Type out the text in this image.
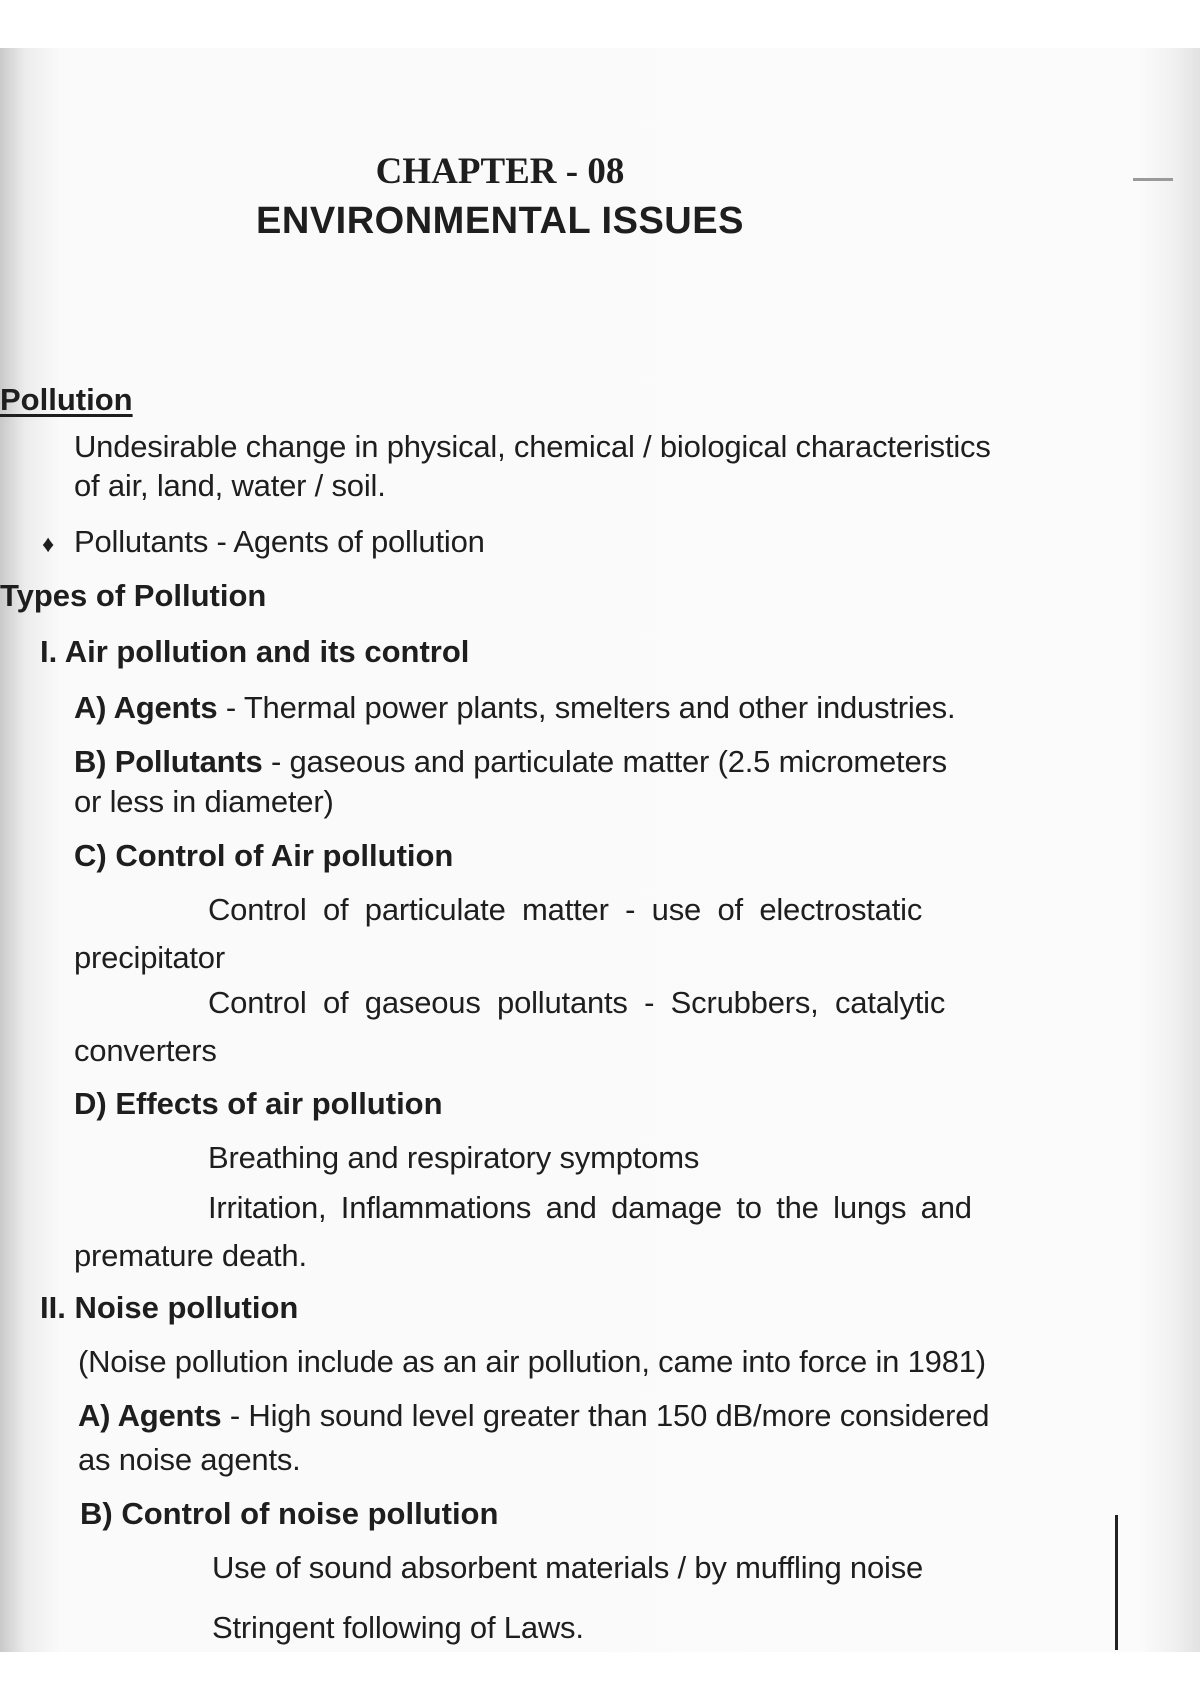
CHAPTER - 08
ENVIRONMENTAL ISSUES
Pollution
Undesirable change in physical, chemical / biological characteristics
of air, land, water / soil.
♦ Pollutants - Agents of pollution
Types of Pollution
I. Air pollution and its control
A) Agents - Thermal power plants, smelters and other industries.
B) Pollutants - gaseous and particulate matter (2.5 micrometers
or less in diameter)
C) Control of Air pollution
Control of particulate matter - use of electrostatic
precipitator
Control of gaseous pollutants - Scrubbers, catalytic
converters
D) Effects of air pollution
Breathing and respiratory symptoms
Irritation, Inflammations and damage to the lungs and
premature death.
II. Noise pollution
(Noise pollution include as an air pollution, came into force in 1981)
A) Agents - High sound level greater than 150 dB/more considered
as noise agents.
B) Control of noise pollution
Use of sound absorbent materials / by muffling noise
Stringent following of Laws.
